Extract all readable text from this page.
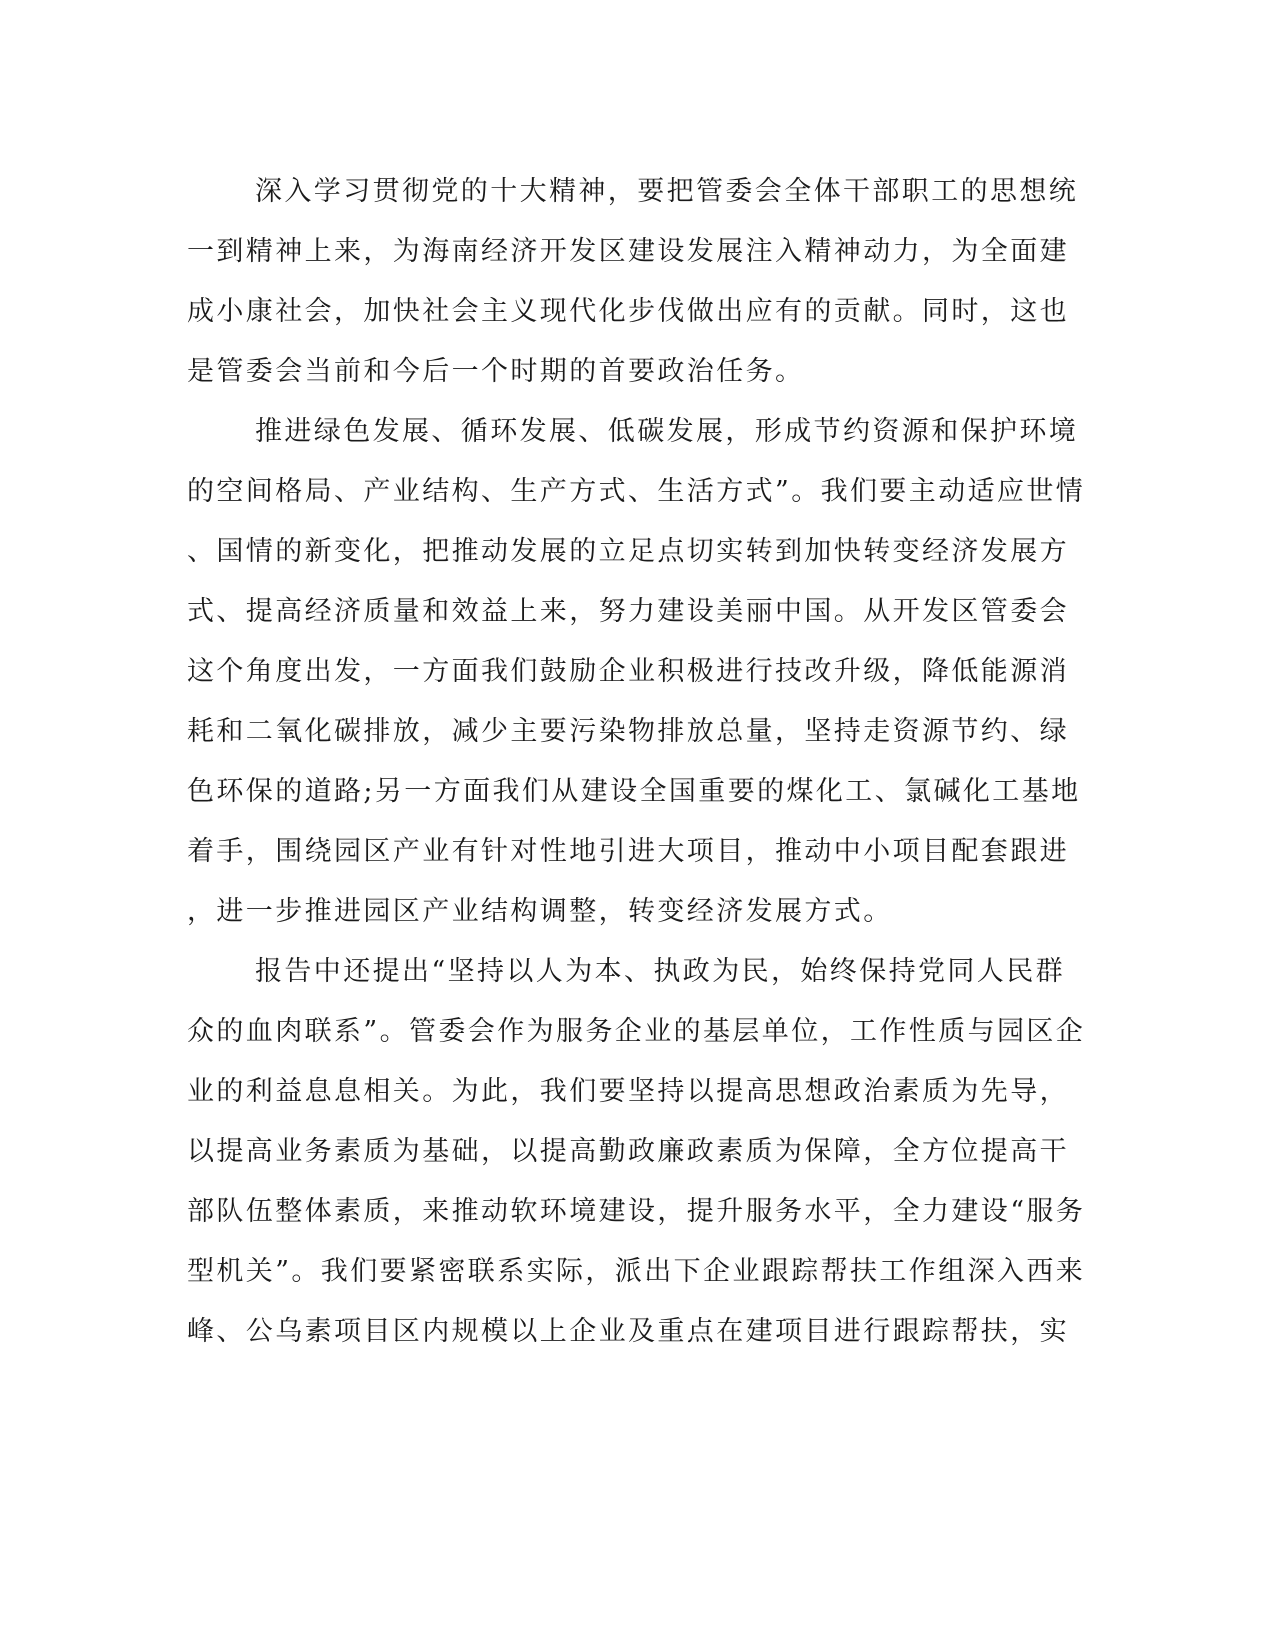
深入学习贯彻党的十大精神，要把管委会全体干部职工的思想统
一到精神上来，为海南经济开发区建设发展注入精神动力，为全面建
成小康社会，加快社会主义现代化步伐做出应有的贡献。同时，这也
是管委会当前和今后一个时期的首要政治任务。
推进绿色发展、循环发展、低碳发展，形成节约资源和保护环境
的空间格局、产业结构、生产方式、生活方式”。我们要主动适应世情
、国情的新变化，把推动发展的立足点切实转到加快转变经济发展方
式、提高经济质量和效益上来，努力建设美丽中国。从开发区管委会
这个角度出发，一方面我们鼓励企业积极进行技改升级，降低能源消
耗和二氧化碳排放，减少主要污染物排放总量，坚持走资源节约、绿
色环保的道路;另一方面我们从建设全国重要的煤化工、氯碱化工基地
着手，围绕园区产业有针对性地引进大项目，推动中小项目配套跟进
，进一步推进园区产业结构调整，转变经济发展方式。
报告中还提出“坚持以人为本、执政为民，始终保持党同人民群
众的血肉联系”。管委会作为服务企业的基层单位，工作性质与园区企
业的利益息息相关。为此，我们要坚持以提高思想政治素质为先导，
以提高业务素质为基础，以提高勤政廉政素质为保障，全方位提高干
部队伍整体素质，来推动软环境建设，提升服务水平，全力建设“服务
型机关”。我们要紧密联系实际，派出下企业跟踪帮扶工作组深入西来
峰、公乌素项目区内规模以上企业及重点在建项目进行跟踪帮扶，实
